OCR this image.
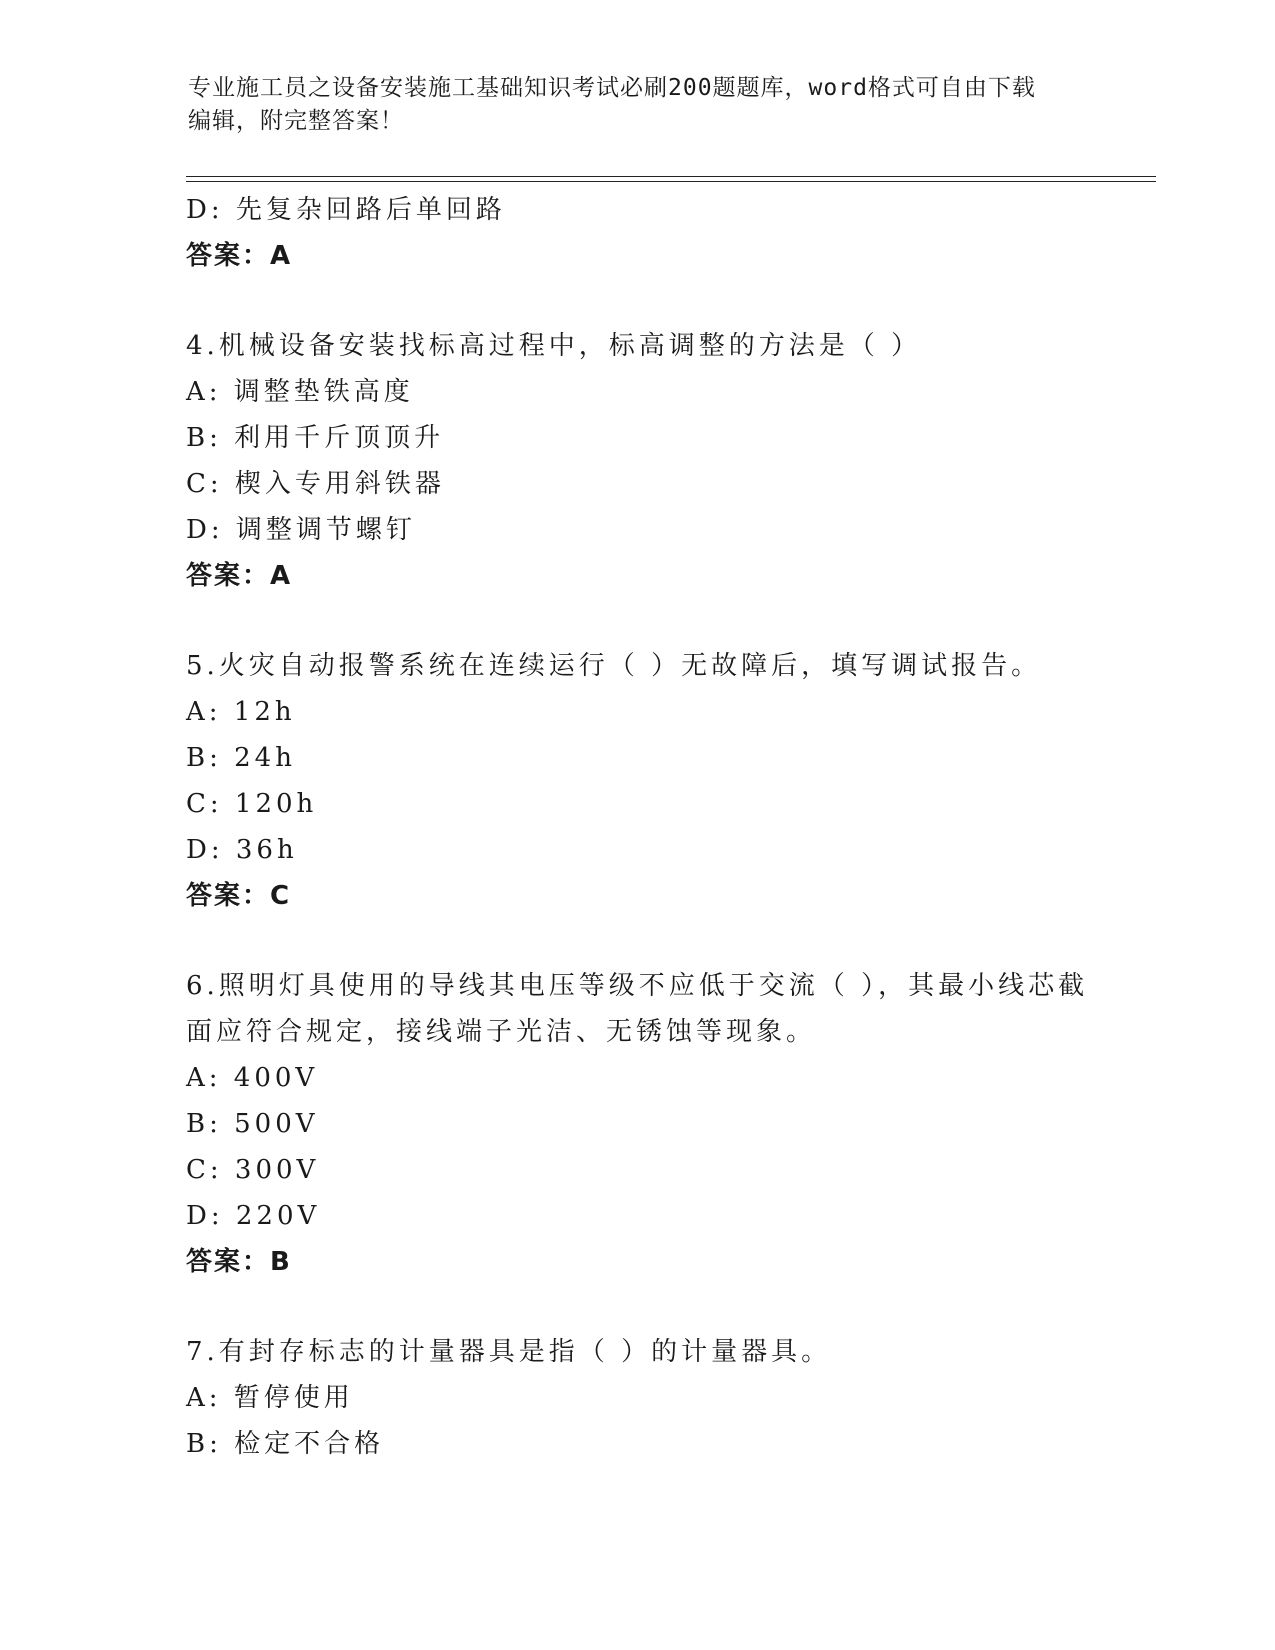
专业施工员之设备安装施工基础知识考试必刷200题题库，word格式可自由下载
编辑，附完整答案！
D: 先复杂回路后单回路
答案：A
4.机械设备安装找标高过程中，标高调整的方法是（ ）
A: 调整垫铁高度
B: 利用千斤顶顶升
C: 楔入专用斜铁器
D: 调整调节螺钉
答案：A
5.火灾自动报警系统在连续运行（ ）无故障后，填写调试报告。
A: 12h
B: 24h
C: 120h
D: 36h
答案：C
6.照明灯具使用的导线其电压等级不应低于交流（ ），其最小线芯截
面应符合规定，接线端子光洁、无锈蚀等现象。
A: 400V
B: 500V
C: 300V
D: 220V
答案：B
7.有封存标志的计量器具是指（ ）的计量器具。
A: 暂停使用
B: 检定不合格
